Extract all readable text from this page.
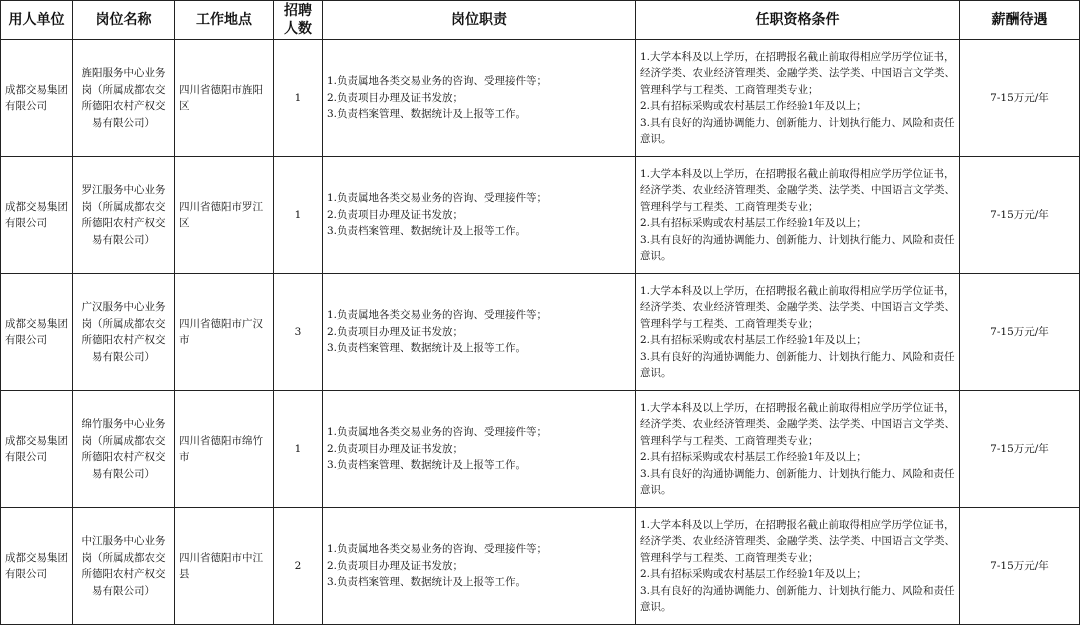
用人单位	岗位名称	工作地点	招聘人数	岗位职责	任职资格条件	薪酬待遇
成都交易集团有限公司	旌阳服务中心业务岗（所属成都农交所德阳农村产权交易有限公司）	四川省德阳市旌阳区	1	1.负责属地各类交易业务的咨询、受理接件等；
2.负责项目办理及证书发放；
3.负责档案管理、数据统计及上报等工作。	1.大学本科及以上学历，在招聘报名截止前取得相应学历学位证书，经济学类、农业经济管理类、金融学类、法学类、中国语言文学类、管理科学与工程类、工商管理类专业；
2.具有招标采购或农村基层工作经验1年及以上；
3.具有良好的沟通协调能力、创新能力、计划执行能力、风险和责任意识。	7-15万元/年
成都交易集团有限公司	罗江服务中心业务岗（所属成都农交所德阳农村产权交易有限公司）	四川省德阳市罗江区	1	1.负责属地各类交易业务的咨询、受理接件等；
2.负责项目办理及证书发放；
3.负责档案管理、数据统计及上报等工作。	1.大学本科及以上学历，在招聘报名截止前取得相应学历学位证书，经济学类、农业经济管理类、金融学类、法学类、中国语言文学类、管理科学与工程类、工商管理类专业；
2.具有招标采购或农村基层工作经验1年及以上；
3.具有良好的沟通协调能力、创新能力、计划执行能力、风险和责任意识。	7-15万元/年
成都交易集团有限公司	广汉服务中心业务岗（所属成都农交所德阳农村产权交易有限公司）	四川省德阳市广汉市	3	1.负责属地各类交易业务的咨询、受理接件等；
2.负责项目办理及证书发放；
3.负责档案管理、数据统计及上报等工作。	1.大学本科及以上学历，在招聘报名截止前取得相应学历学位证书，经济学类、农业经济管理类、金融学类、法学类、中国语言文学类、管理科学与工程类、工商管理类专业；
2.具有招标采购或农村基层工作经验1年及以上；
3.具有良好的沟通协调能力、创新能力、计划执行能力、风险和责任意识。	7-15万元/年
成都交易集团有限公司	绵竹服务中心业务岗（所属成都农交所德阳农村产权交易有限公司）	四川省德阳市绵竹市	1	1.负责属地各类交易业务的咨询、受理接件等；
2.负责项目办理及证书发放；
3.负责档案管理、数据统计及上报等工作。	1.大学本科及以上学历，在招聘报名截止前取得相应学历学位证书，经济学类、农业经济管理类、金融学类、法学类、中国语言文学类、管理科学与工程类、工商管理类专业；
2.具有招标采购或农村基层工作经验1年及以上；
3.具有良好的沟通协调能力、创新能力、计划执行能力、风险和责任意识。	7-15万元/年
成都交易集团有限公司	中江服务中心业务岗（所属成都农交所德阳农村产权交易有限公司）	四川省德阳市中江县	2	1.负责属地各类交易业务的咨询、受理接件等；
2.负责项目办理及证书发放；
3.负责档案管理、数据统计及上报等工作。	1.大学本科及以上学历，在招聘报名截止前取得相应学历学位证书，经济学类、农业经济管理类、金融学类、法学类、中国语言文学类、管理科学与工程类、工商管理类专业；
2.具有招标采购或农村基层工作经验1年及以上；
3.具有良好的沟通协调能力、创新能力、计划执行能力、风险和责任意识。	7-15万元/年
